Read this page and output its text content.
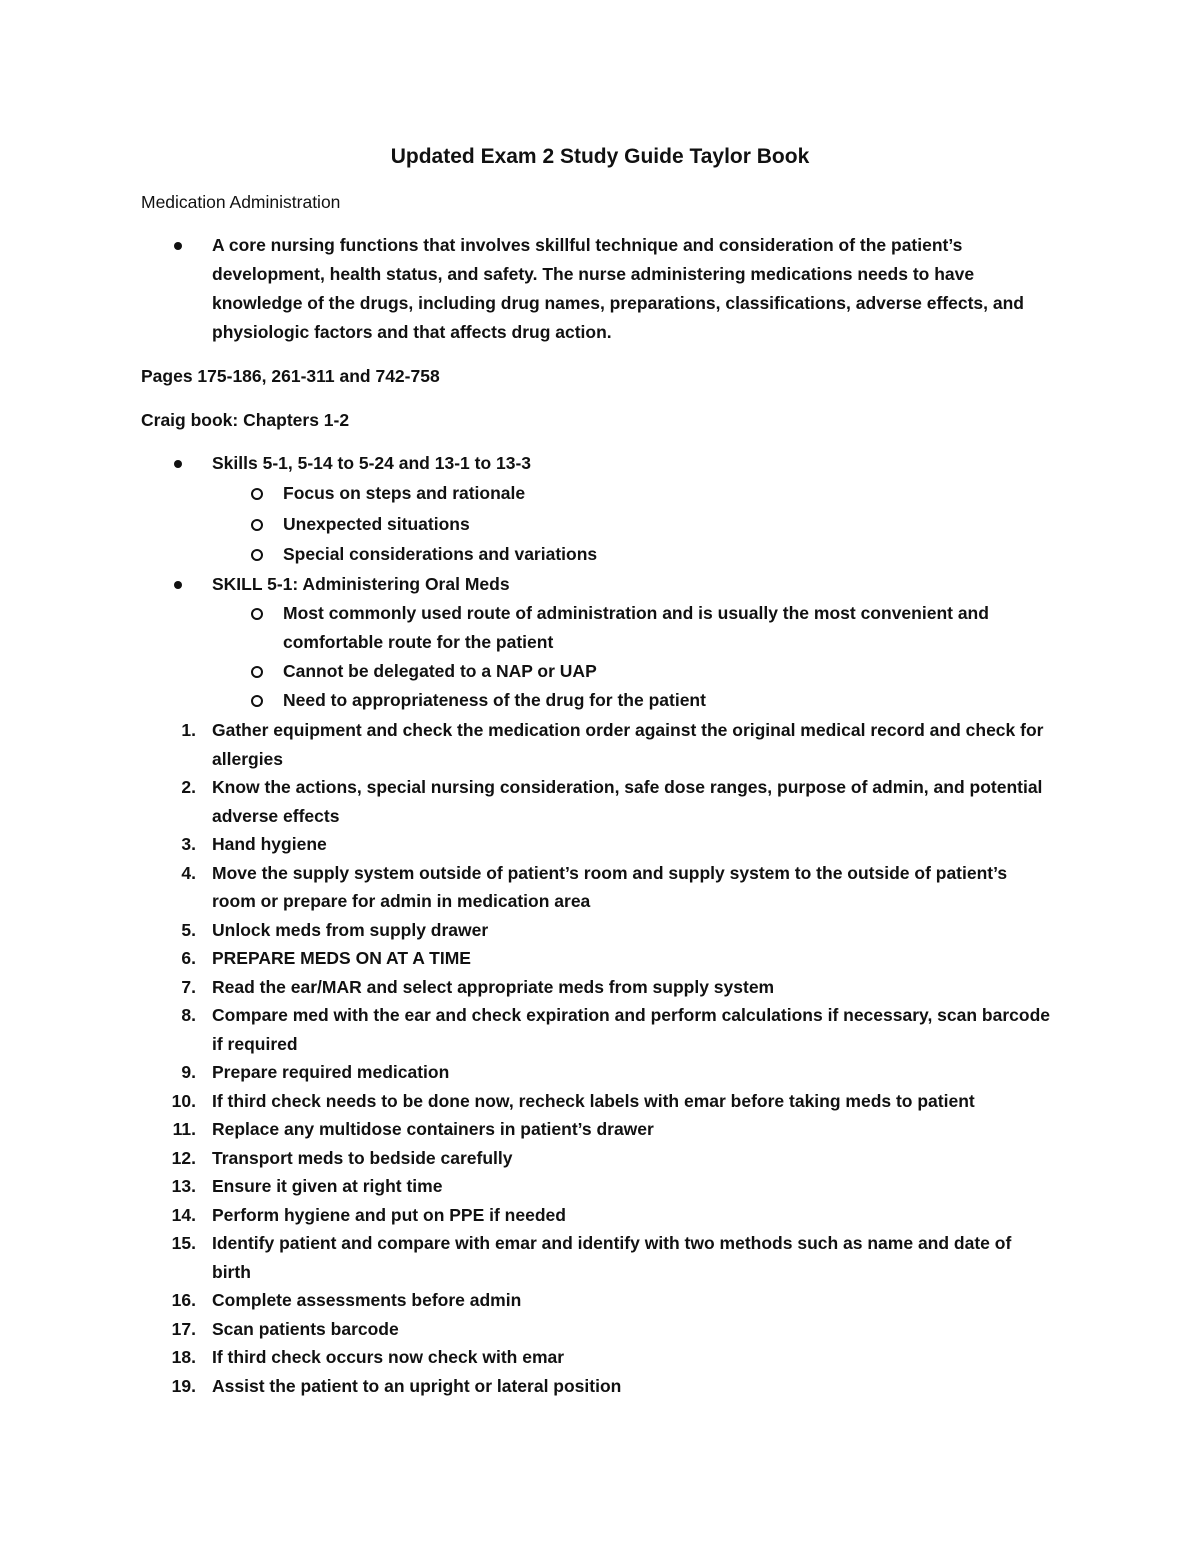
Updated Exam 2 Study Guide Taylor Book

Medication Administration

A core nursing functions that involves skillful technique and consideration of the patient’s development, health status, and safety. The nurse administering medications needs to have knowledge of the drugs, including drug names, preparations, classifications, adverse effects, and physiologic factors and that affects drug action.

Pages 175-186, 261-311 and 742-758

Craig book: Chapters 1-2

Skills 5-1, 5-14 to 5-24 and 13-1 to 13-3
Focus on steps and rationale
Unexpected situations
Special considerations and variations
SKILL 5-1: Administering Oral Meds
Most commonly used route of administration and is usually the most convenient and comfortable route for the patient
Cannot be delegated to a NAP or UAP
Need to appropriateness of the drug for the patient
1. Gather equipment and check the medication order against the original medical record and check for allergies
2. Know the actions, special nursing consideration, safe dose ranges, purpose of admin, and potential adverse effects
3. Hand hygiene
4. Move the supply system outside of patient’s room and supply system to the outside of patient’s room or prepare for admin in medication area
5. Unlock meds from supply drawer
6. PREPARE MEDS ON AT A TIME
7. Read the ear/MAR and select appropriate meds from supply system
8. Compare med with the ear and check expiration and perform calculations if necessary, scan barcode if required
9. Prepare required medication
10. If third check needs to be done now, recheck labels with emar before taking meds to patient
11. Replace any multidose containers in patient’s drawer
12. Transport meds to bedside carefully
13. Ensure it given at right time
14. Perform hygiene and put on PPE if needed
15. Identify patient and compare with emar and identify with two methods such as name and date of birth
16. Complete assessments before admin
17. Scan patients barcode
18. If third check occurs now check with emar
19. Assist the patient to an upright or lateral position
